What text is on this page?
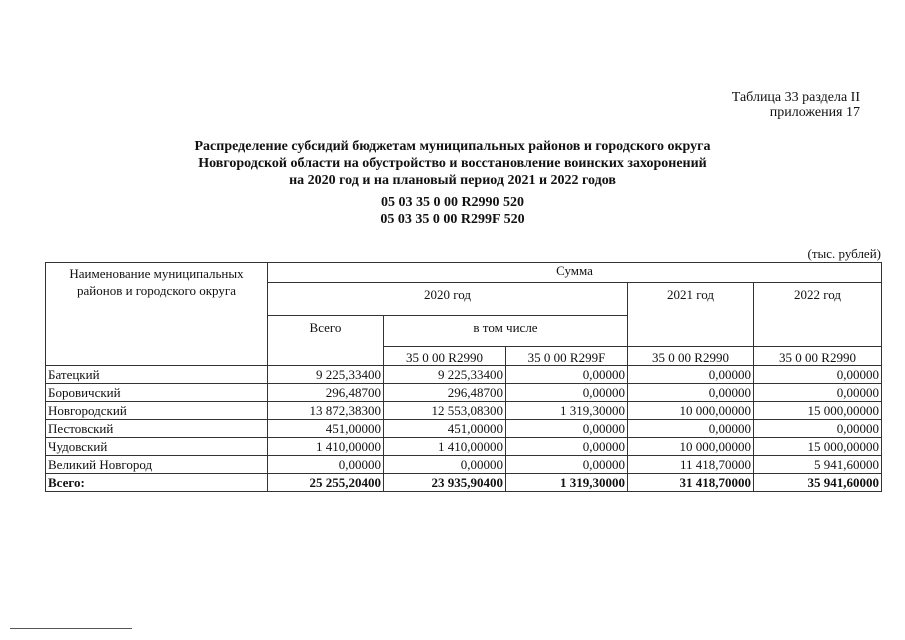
Таблица 33 раздела II
приложения 17
Распределение субсидий бюджетам муниципальных районов и городского округа
Новгородской области на обустройство и восстановление воинских захоронений
на 2020 год и на плановый период 2021 и 2022 годов
05 03 35 0 00 R2990 520
05 03 35 0 00 R299F 520
(тыс. рублей)
Наименование муниципальных районов и городского округа	Сумма				
	2020 год			2021 год	2022 год
	Всего	в том числе			
		35 0 00 R2990	35 0 00 R299F	35 0 00 R2990	35 0 00 R2990
Батецкий	9 225,33400	9 225,33400	0,00000	0,00000	0,00000
Боровичский	296,48700	296,48700	0,00000	0,00000	0,00000
Новгородский	13 872,38300	12 553,08300	1 319,30000	10 000,00000	15 000,00000
Пестовский	451,00000	451,00000	0,00000	0,00000	0,00000
Чудовский	1 410,00000	1 410,00000	0,00000	10 000,00000	15 000,00000
Великий Новгород	0,00000	0,00000	0,00000	11 418,70000	5 941,60000
Всего:	25 255,20400	23 935,90400	1 319,30000	31 418,70000	35 941,60000
